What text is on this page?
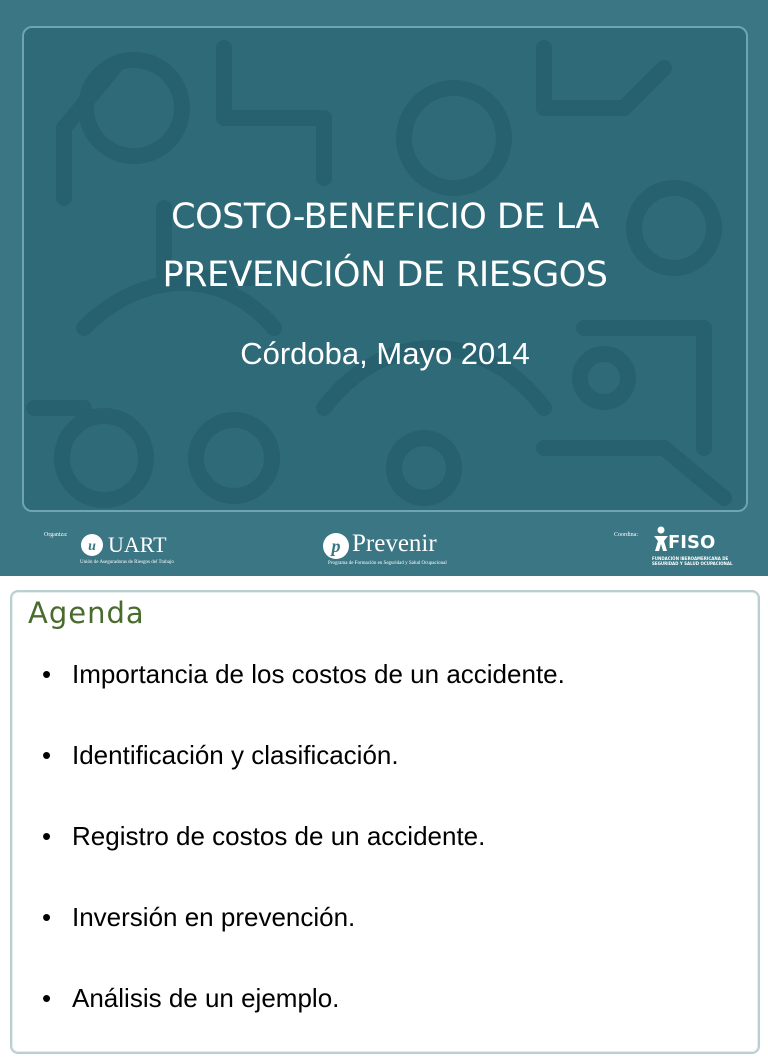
COSTO-BENEFICIO DE LA
PREVENCIÓN DE RIESGOS
Córdoba, Mayo 2014
Organiza:
u UART
Unión de Aseguradoras de Riesgos del Trabajo
p Prevenir
Programa de Formación en Seguridad y Salud Ocupacional
Coordina: FISO
FUNDACIÓN IBEROAMERICANA DE SEGURIDAD Y SALUD OCUPACIONAL
Agenda
• Importancia de los costos de un accidente.
• Identificación y clasificación.
• Registro de costos de un accidente.
• Inversión en prevención.
• Análisis de un ejemplo.
